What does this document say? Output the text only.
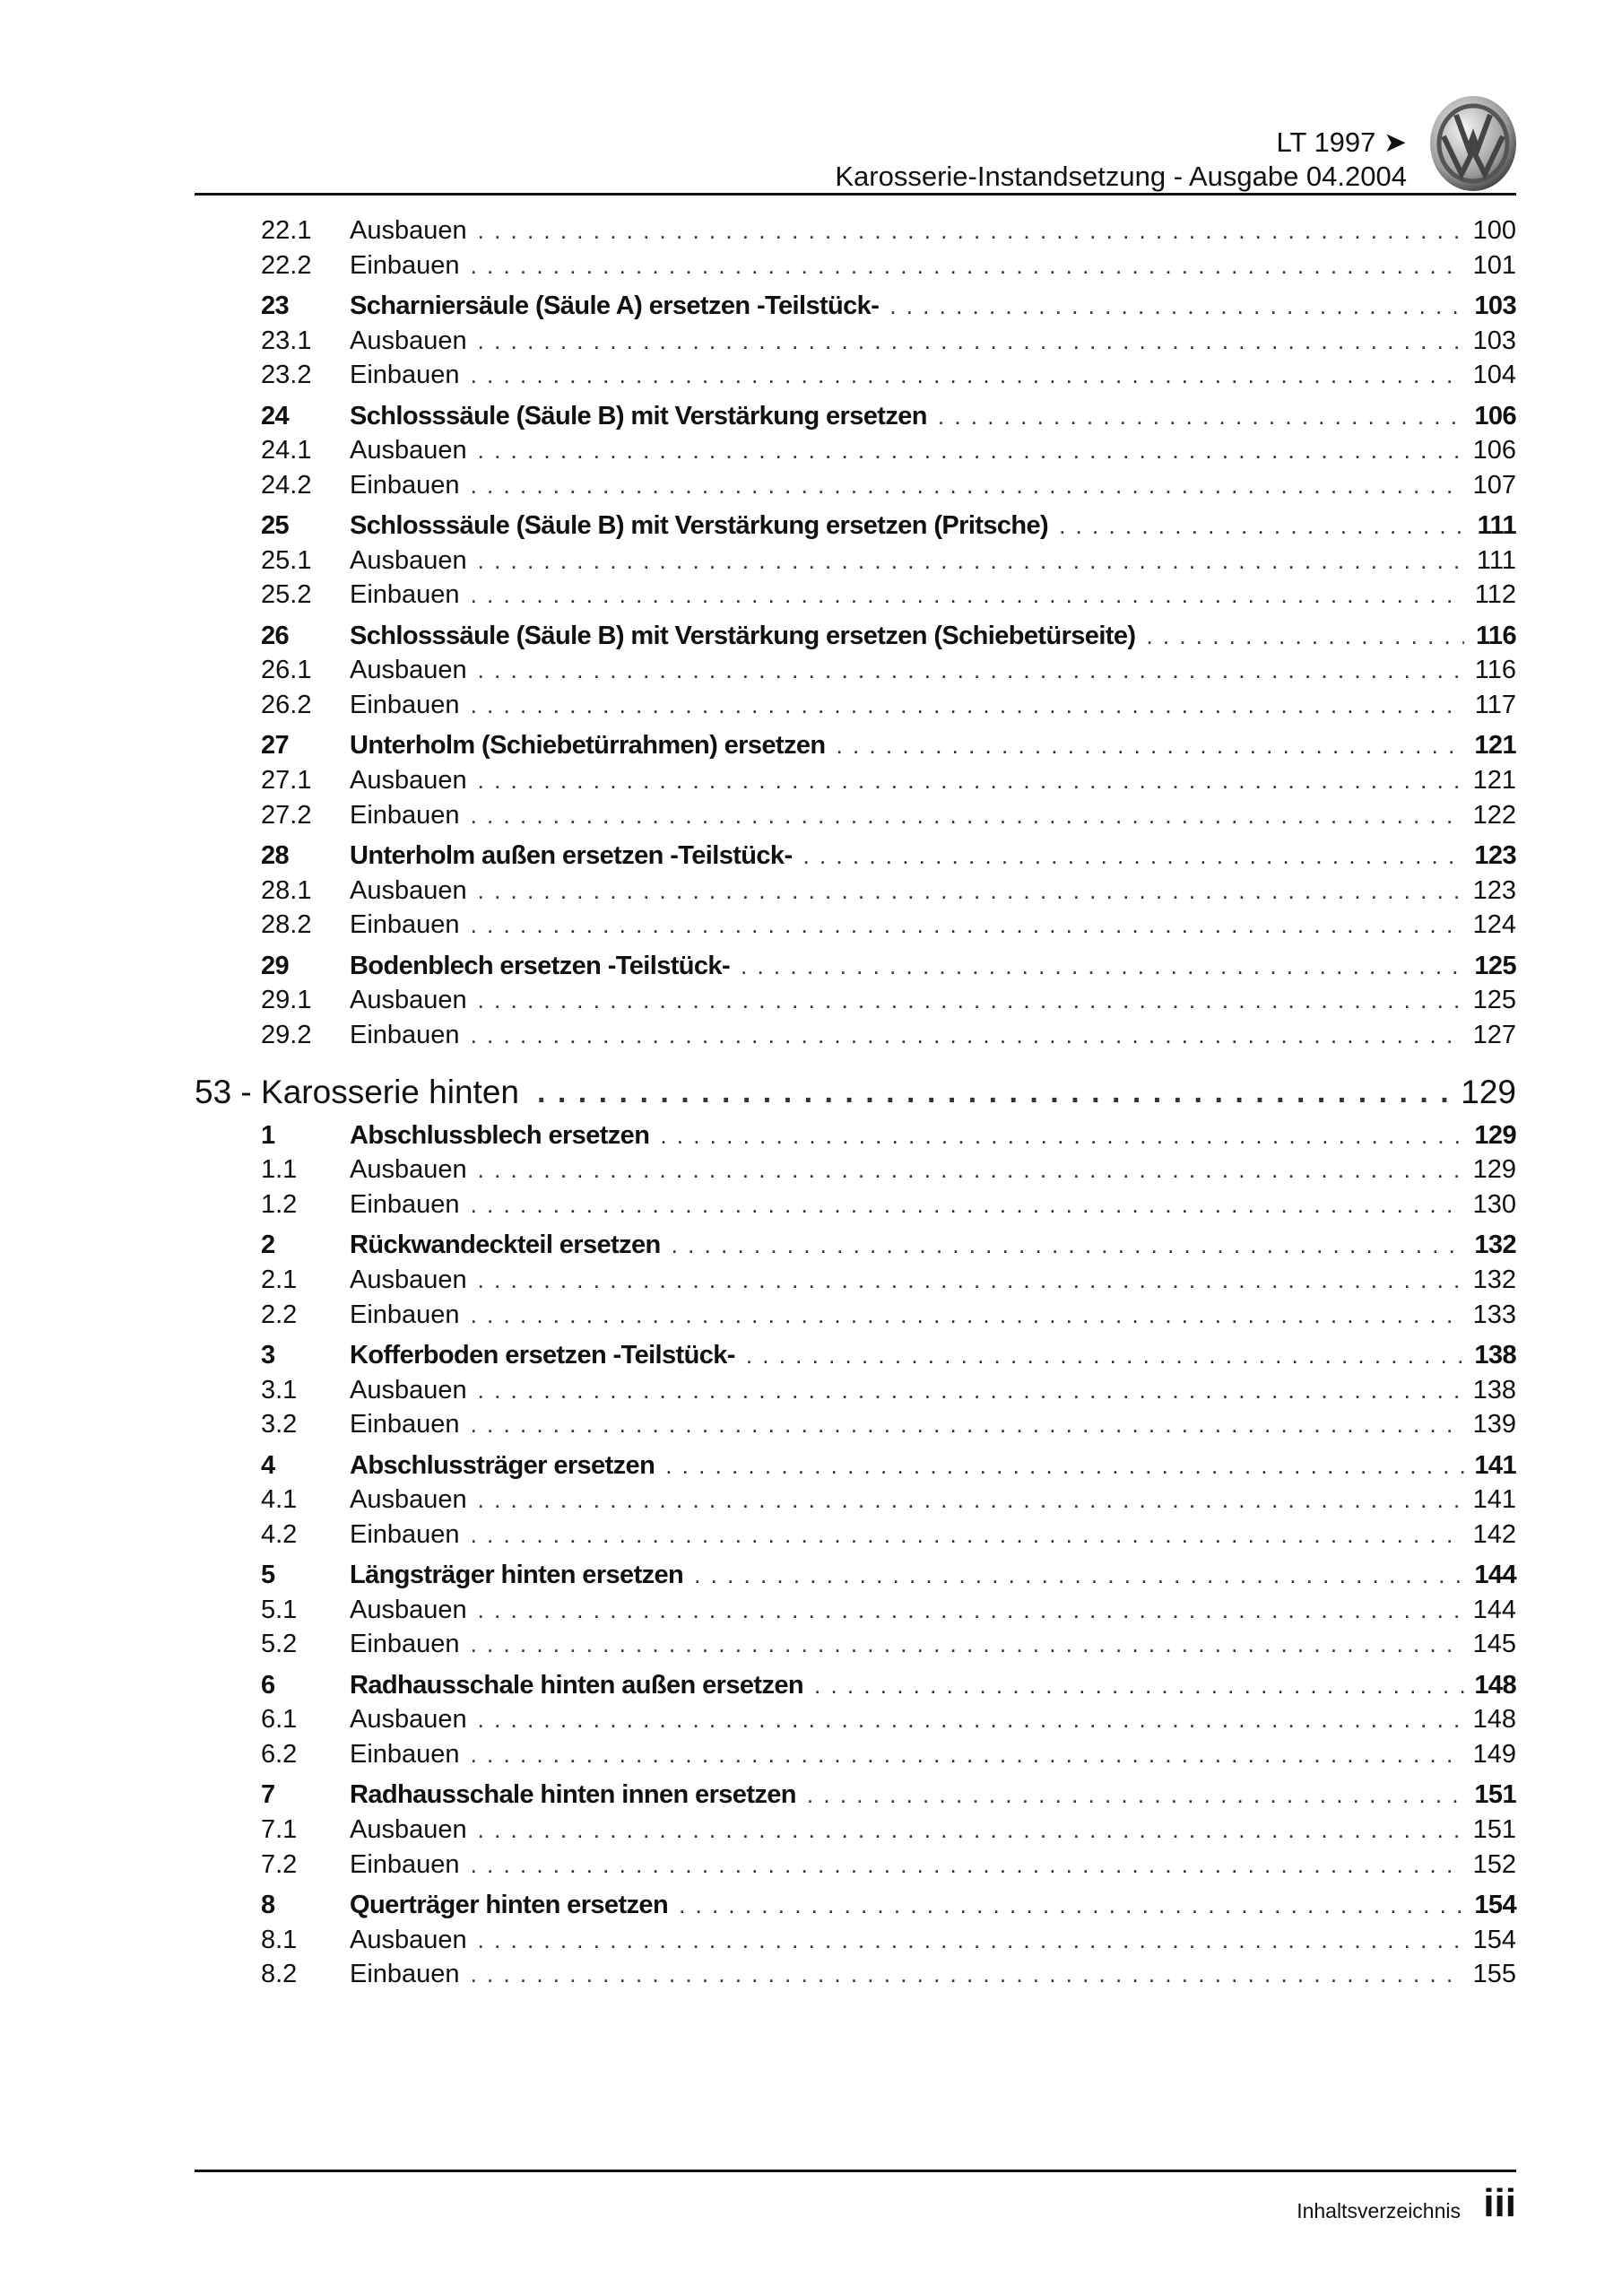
LT 1997 ➤
Karosserie-Instandsetzung - Ausgabe 04.2004
22.1	Ausbauen . . .	100
22.2	Einbauen . . .	101
23	Scharniersäule (Säule A) ersetzen -Teilstück- . . .	103
23.1	Ausbauen . . .	103
23.2	Einbauen . . .	104
24	Schlosssäule (Säule B) mit Verstärkung ersetzen . . .	106
24.1	Ausbauen . . .	106
24.2	Einbauen . . .	107
25	Schlosssäule (Säule B) mit Verstärkung ersetzen (Pritsche) . . .	111
25.1	Ausbauen . . .	111
25.2	Einbauen . . .	112
26	Schlosssäule (Säule B) mit Verstärkung ersetzen (Schiebetürseite) . . .	116
26.1	Ausbauen . . .	116
26.2	Einbauen . . .	117
27	Unterholm (Schiebetürrahmen) ersetzen . . .	121
27.1	Ausbauen . . .	121
27.2	Einbauen . . .	122
28	Unterholm außen ersetzen -Teilstück- . . .	123
28.1	Ausbauen . . .	123
28.2	Einbauen . . .	124
29	Bodenblech ersetzen -Teilstück- . . .	125
29.1	Ausbauen . . .	125
29.2	Einbauen . . .	127
53 - Karosserie hinten . . .	129
1	Abschlussblech ersetzen . . .	129
1.1	Ausbauen . . .	129
1.2	Einbauen . . .	130
2	Rückwandeckteil ersetzen . . .	132
2.1	Ausbauen . . .	132
2.2	Einbauen . . .	133
3	Kofferboden ersetzen -Teilstück- . . .	138
3.1	Ausbauen . . .	138
3.2	Einbauen . . .	139
4	Abschlussträger ersetzen . . .	141
4.1	Ausbauen . . .	141
4.2	Einbauen . . .	142
5	Längsträger hinten ersetzen . . .	144
5.1	Ausbauen . . .	144
5.2	Einbauen . . .	145
6	Radhausschale hinten außen ersetzen . . .	148
6.1	Ausbauen . . .	148
6.2	Einbauen . . .	149
7	Radhausschale hinten innen ersetzen . . .	151
7.1	Ausbauen . . .	151
7.2	Einbauen . . .	152
8	Querträger hinten ersetzen . . .	154
8.1	Ausbauen . . .	154
8.2	Einbauen . . .	155
Inhaltsverzeichnis iii
